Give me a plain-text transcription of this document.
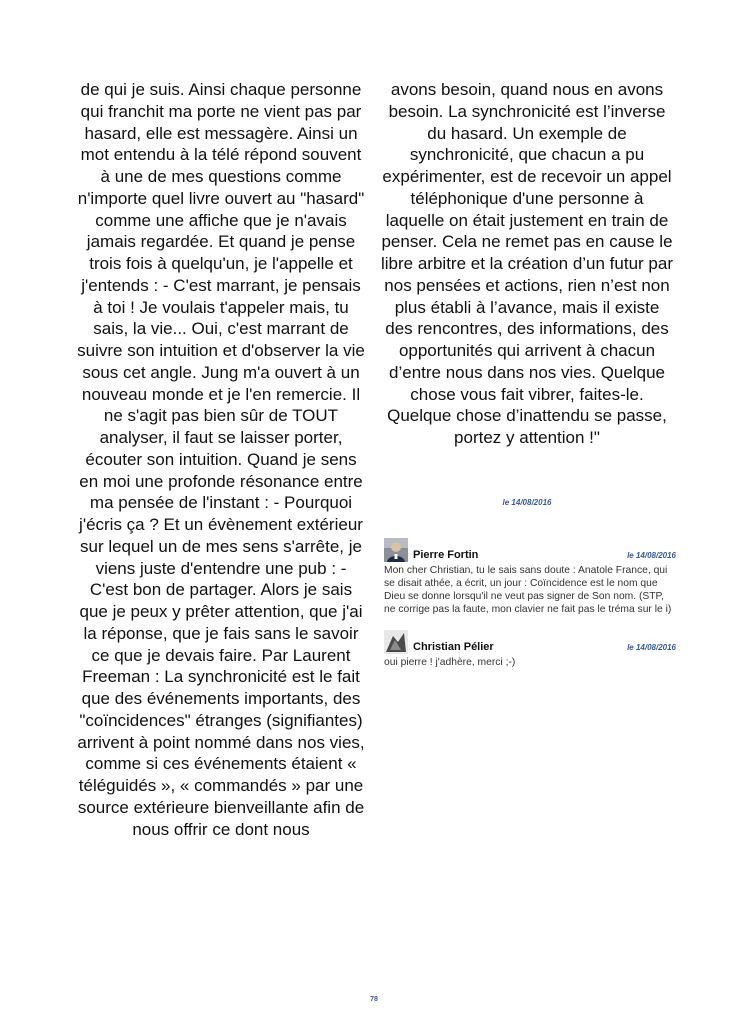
de qui je suis. Ainsi chaque personne qui franchit ma porte ne vient pas par hasard, elle est messagère. Ainsi un mot entendu à la télé répond souvent à une de mes questions comme n'importe quel livre ouvert au "hasard" comme une affiche que je n'avais jamais regardée. Et quand je pense trois fois à quelqu'un, je l'appelle et j'entends : - C'est marrant, je pensais à toi ! Je voulais t'appeler mais, tu sais, la vie... Oui, c'est marrant de suivre son intuition et d'observer la vie sous cet angle. Jung m'a ouvert à un nouveau monde et je l'en remercie. Il ne s'agit pas bien sûr de TOUT analyser, il faut se laisser porter, écouter son intuition. Quand je sens en moi une profonde résonance entre ma pensée de l'instant : - Pourquoi j'écris ça ? Et un évènement extérieur sur lequel un de mes sens s'arrête, je viens juste d'entendre une pub : - C'est bon de partager. Alors je sais que je peux y prêter attention, que j'ai la réponse, que je fais sans le savoir ce que je devais faire. Par Laurent Freeman : La synchronicité est le fait que des événements importants, des "coïncidences" étranges (signifiantes) arrivent à point nommé dans nos vies, comme si ces événements étaient « téléguidés », « commandés » par une source extérieure bienveillante afin de nous offrir ce dont nous

avons besoin, quand nous en avons besoin. La synchronicité est l’inverse du hasard. Un exemple de synchronicité, que chacun a pu expérimenter, est de recevoir un appel téléphonique d'une personne à laquelle on était justement en train de penser. Cela ne remet pas en cause le libre arbitre et la création d’un futur par nos pensées et actions, rien n’est non plus établi à l’avance, mais il existe des rencontres, des informations, des opportunités qui arrivent à chacun d’entre nous dans nos vies. Quelque chose vous fait vibrer, faites-le. Quelque chose d’inattendu se passe, portez y attention !"

le 14/08/2016
Pierre Fortin	le 14/08/2016
Mon cher Christian, tu le sais sans doute : Anatole France, qui se disait athée, a écrit, un jour : Coïncidence est le nom que Dieu se donne lorsqu'il ne veut pas signer de Son nom. (STP, ne corrige pas la faute, mon clavier ne fait pas le tréma sur le i)
Christian Pélier	le 14/08/2016
oui pierre ! j'adhère, merci ;-)
78
